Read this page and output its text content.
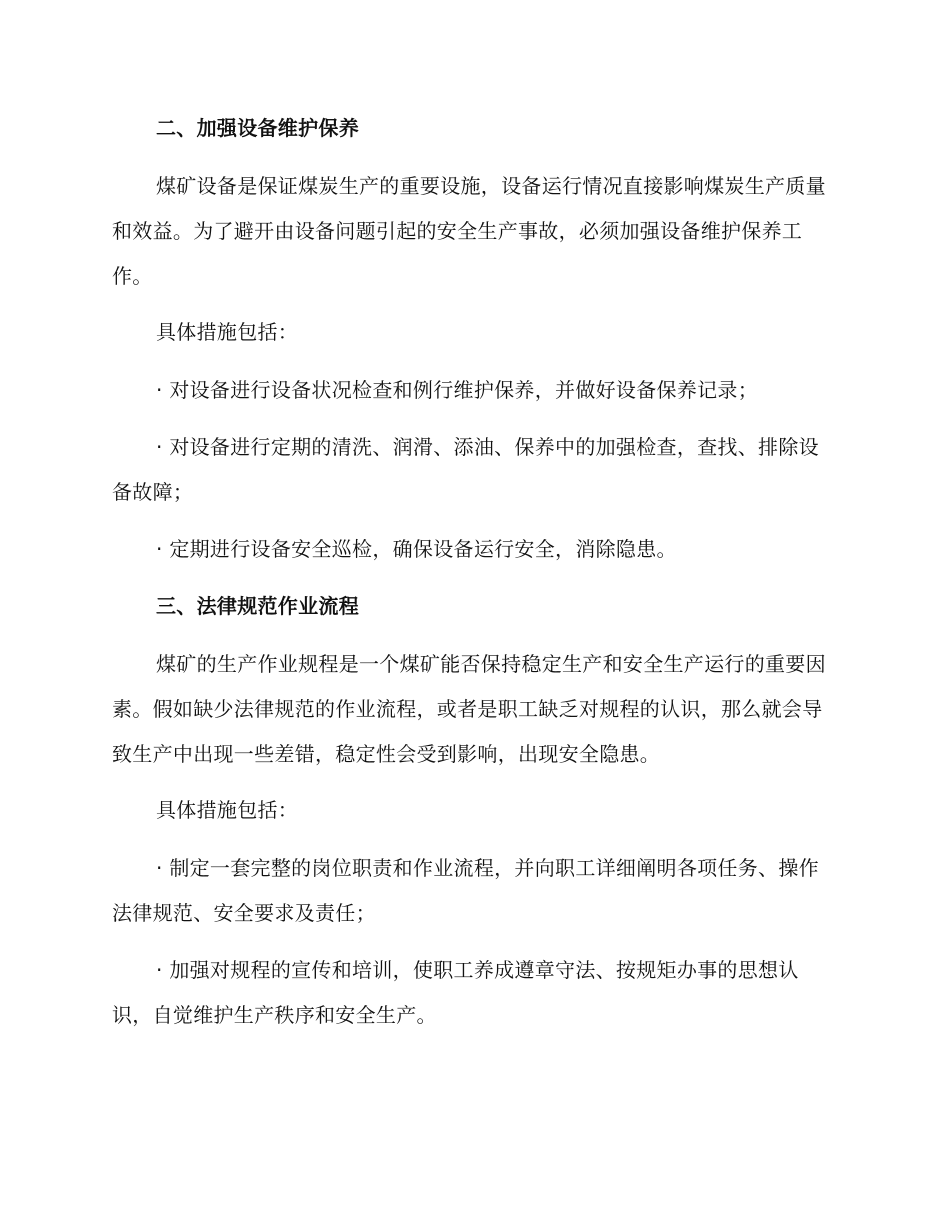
二、加强设备维护保养

煤矿设备是保证煤炭生产的重要设施，设备运行情况直接影响煤炭生产质量和效益。为了避开由设备问题引起的安全生产事故，必须加强设备维护保养工作。

具体措施包括：

· 对设备进行设备状况检查和例行维护保养，并做好设备保养记录；

· 对设备进行定期的清洗、润滑、添油、保养中的加强检查，查找、排除设备故障；

· 定期进行设备安全巡检，确保设备运行安全，消除隐患。

三、法律规范作业流程

煤矿的生产作业规程是一个煤矿能否保持稳定生产和安全生产运行的重要因素。假如缺少法律规范的作业流程，或者是职工缺乏对规程的认识，那么就会导致生产中出现一些差错，稳定性会受到影响，出现安全隐患。

具体措施包括：

· 制定一套完整的岗位职责和作业流程，并向职工详细阐明各项任务、操作法律规范、安全要求及责任；

· 加强对规程的宣传和培训，使职工养成遵章守法、按规矩办事的思想认识，自觉维护生产秩序和安全生产。
